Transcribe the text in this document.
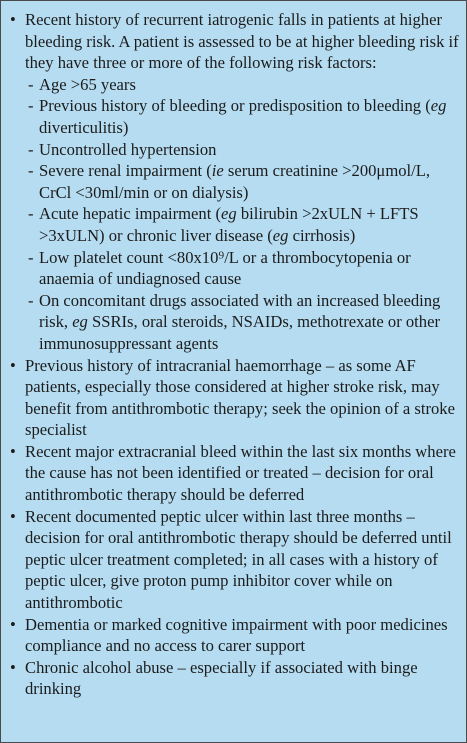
• Recent history of recurrent iatrogenic falls in patients at higher bleeding risk. A patient is assessed to be at higher bleeding risk if they have three or more of the following risk factors:
- Age >65 years
- Previous history of bleeding or predisposition to bleeding (eg diverticulitis)
- Uncontrolled hypertension
- Severe renal impairment (ie serum creatinine >200μmol/L, CrCl <30ml/min or on dialysis)
- Acute hepatic impairment (eg bilirubin >2xULN + LFTS >3xULN) or chronic liver disease (eg cirrhosis)
- Low platelet count <80x10⁹/L or a thrombocytopenia or anaemia of undiagnosed cause
- On concomitant drugs associated with an increased bleeding risk, eg SSRIs, oral steroids, NSAIDs, methotrexate or other immunosuppressant agents
• Previous history of intracranial haemorrhage – as some AF patients, especially those considered at higher stroke risk, may benefit from antithrombotic therapy; seek the opinion of a stroke specialist
• Recent major extracranial bleed within the last six months where the cause has not been identified or treated – decision for oral antithrombotic therapy should be deferred
• Recent documented peptic ulcer within last three months – decision for oral antithrombotic therapy should be deferred until peptic ulcer treatment completed; in all cases with a history of peptic ulcer, give proton pump inhibitor cover while on antithrombotic
• Dementia or marked cognitive impairment with poor medicines compliance and no access to carer support
• Chronic alcohol abuse – especially if associated with binge drinking
